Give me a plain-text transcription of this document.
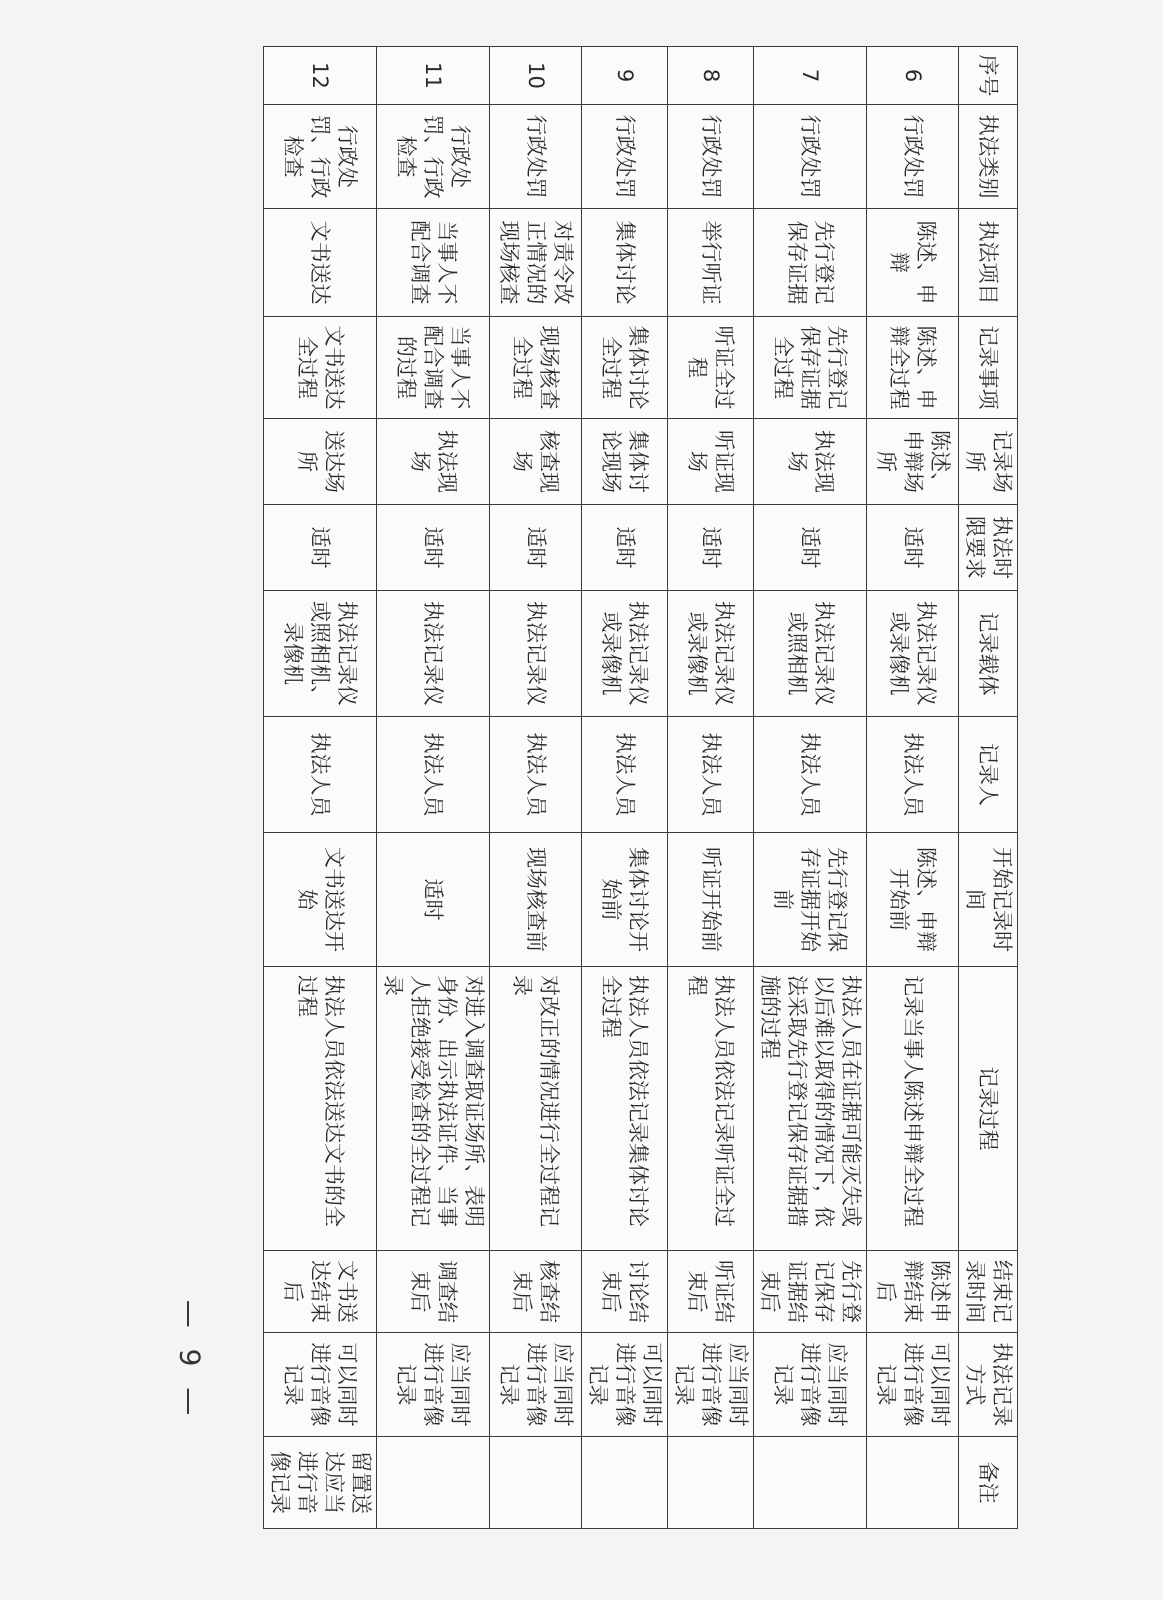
序号	执法类别	执法项目	记录事项	记录场所	执法时限要求	记录载体	记录人	开始记录时间	记录过程	结束记录时间	执法记录方式	备注
6	行政处罚	陈述、申辩	陈述、申辩全过程	陈述、申辩场所	适时	执法记录仪或录像机	执法人员	陈述、申辩开始前	记录当事人陈述申辩全过程	陈述申辩结束后	可以同时进行音像记录	
7	行政处罚	先行登记保存证据	先行登记保存证据全过程	执法现场	适时	执法记录仪或照相机	执法人员	先行登记保存证据开始前	执法人员在证据可能灭失或以后难以取得的情况下，依法采取先行登记保存证据措施的过程	先行登记保存证据结束后	应当同时进行音像记录	
8	行政处罚	举行听证	听证全过程	听证现场	适时	执法记录仪或录像机	执法人员	听证开始前	执法人员依法记录听证全过程	听证结束后	应当同时进行音像记录	
9	行政处罚	集体讨论	集体讨论全过程	集体讨论现场	适时	执法记录仪或录像机	执法人员	集体讨论开始前	执法人员依法记录集体讨论全过程	讨论结束后	可以同时进行音像记录	
10	行政处罚	对责令改正情况的现场核查	现场核查全过程	核查现场	适时	执法记录仪	执法人员	现场核查前	对改正的情况进行全过程记录	核查结束后	应当同时进行音像记录	
11	行政处罚、行政检查	当事人不配合调查	当事人不配合调查的过程	执法现场	适时	执法记录仪	执法人员	适时	对进入调查取证场所、表明身份、出示执法证件、当事人拒绝接受检查的全过程记录	调查结束后	应当同时进行音像记录	
12	行政处罚、行政检查	文书送达	文书送达全过程	送达场所	适时	执法记录仪或照相机、录像机	执法人员	文书送达开始	执法人员依法送达文书的全过程	文书送达结束后	可以同时进行音像记录	留置送达应当进行音像记录
— 9 —
